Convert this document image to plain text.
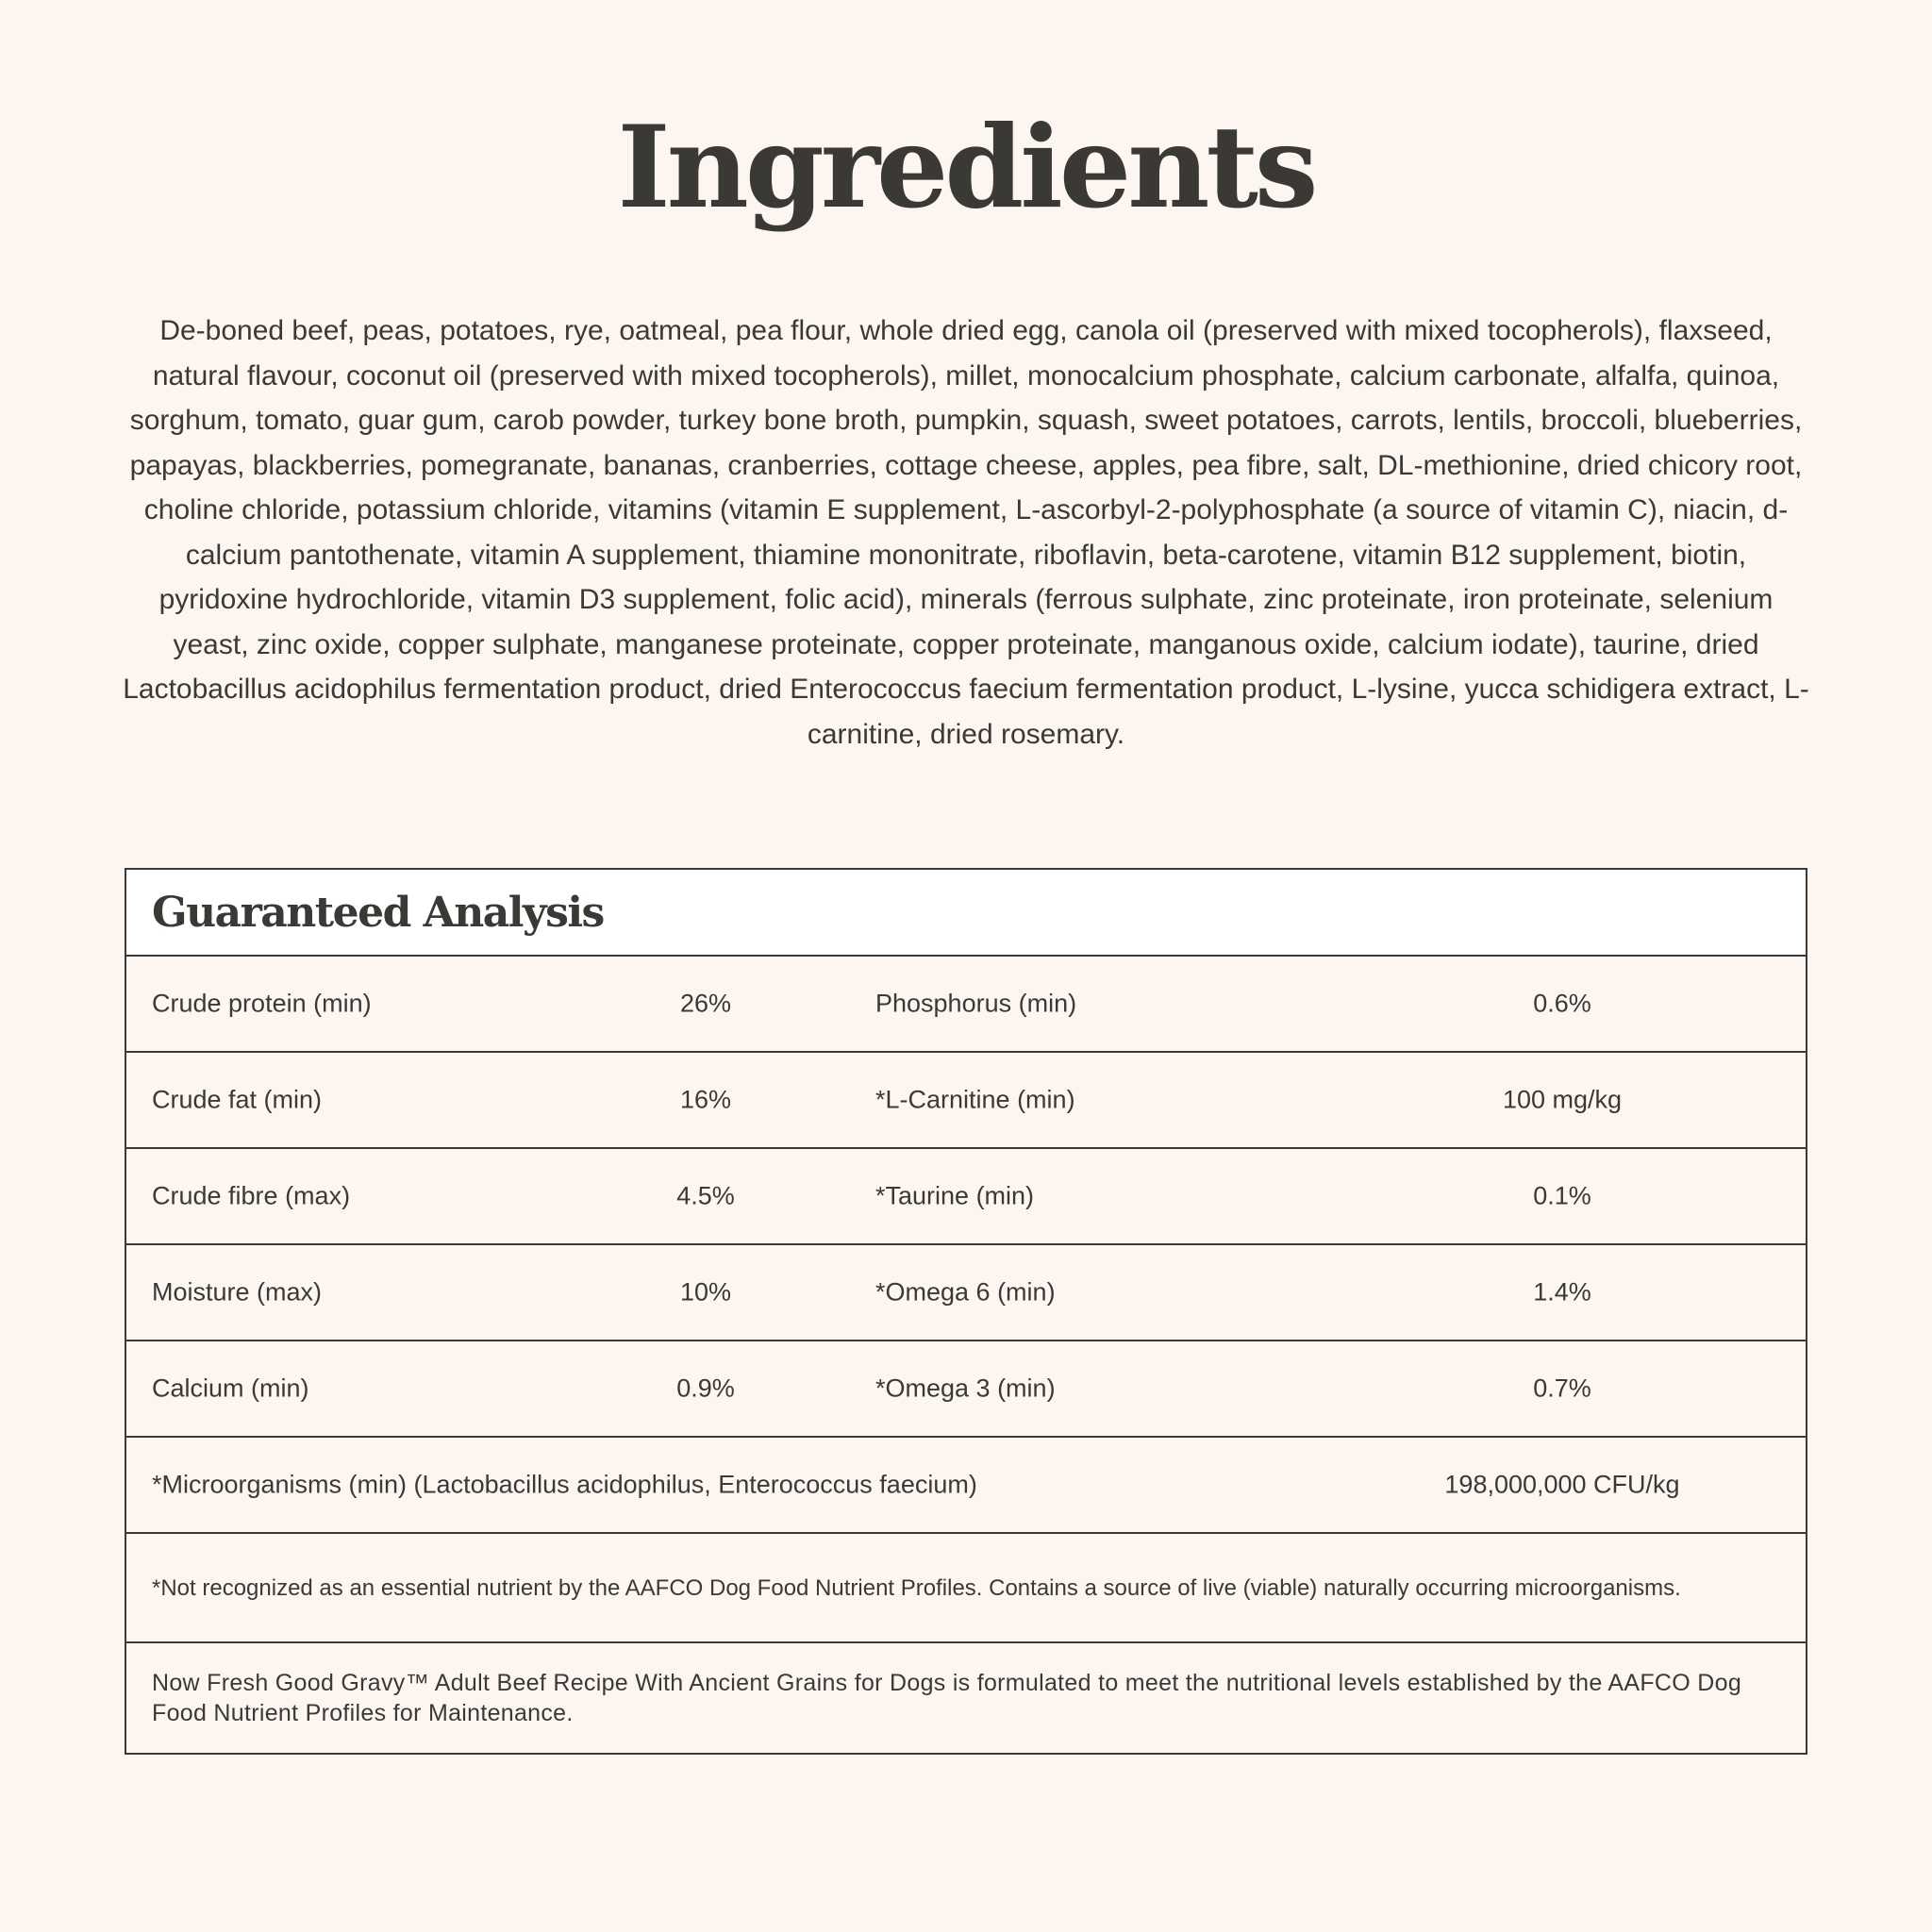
Ingredients

De-boned beef, peas, potatoes, rye, oatmeal, pea flour, whole dried egg, canola oil (preserved with mixed tocopherols), flaxseed, natural flavour, coconut oil (preserved with mixed tocopherols), millet, monocalcium phosphate, calcium carbonate, alfalfa, quinoa, sorghum, tomato, guar gum, carob powder, turkey bone broth, pumpkin, squash, sweet potatoes, carrots, lentils, broccoli, blueberries, papayas, blackberries, pomegranate, bananas, cranberries, cottage cheese, apples, pea fibre, salt, DL-methionine, dried chicory root, choline chloride, potassium chloride, vitamins (vitamin E supplement, L-ascorbyl-2-polyphosphate (a source of vitamin C), niacin, d-calcium pantothenate, vitamin A supplement, thiamine mononitrate, riboflavin, beta-carotene, vitamin B12 supplement, biotin, pyridoxine hydrochloride, vitamin D3 supplement, folic acid), minerals (ferrous sulphate, zinc proteinate, iron proteinate, selenium yeast, zinc oxide, copper sulphate, manganese proteinate, copper proteinate, manganous oxide, calcium iodate), taurine, dried Lactobacillus acidophilus fermentation product, dried Enterococcus faecium fermentation product, L-lysine, yucca schidigera extract, L-carnitine, dried rosemary.

Guaranteed Analysis
Crude protein (min)	26%	Phosphorus (min)	0.6%
Crude fat (min)	16%	*L-Carnitine (min)	100 mg/kg
Crude fibre (max)	4.5%	*Taurine (min)	0.1%
Moisture (max)	10%	*Omega 6 (min)	1.4%
Calcium (min)	0.9%	*Omega 3 (min)	0.7%
*Microorganisms (min) (Lactobacillus acidophilus, Enterococcus faecium)	198,000,000 CFU/kg
*Not recognized as an essential nutrient by the AAFCO Dog Food Nutrient Profiles. Contains a source of live (viable) naturally occurring microorganisms.
Now Fresh Good Gravy™ Adult Beef Recipe With Ancient Grains for Dogs is formulated to meet the nutritional levels established by the AAFCO Dog Food Nutrient Profiles for Maintenance.
